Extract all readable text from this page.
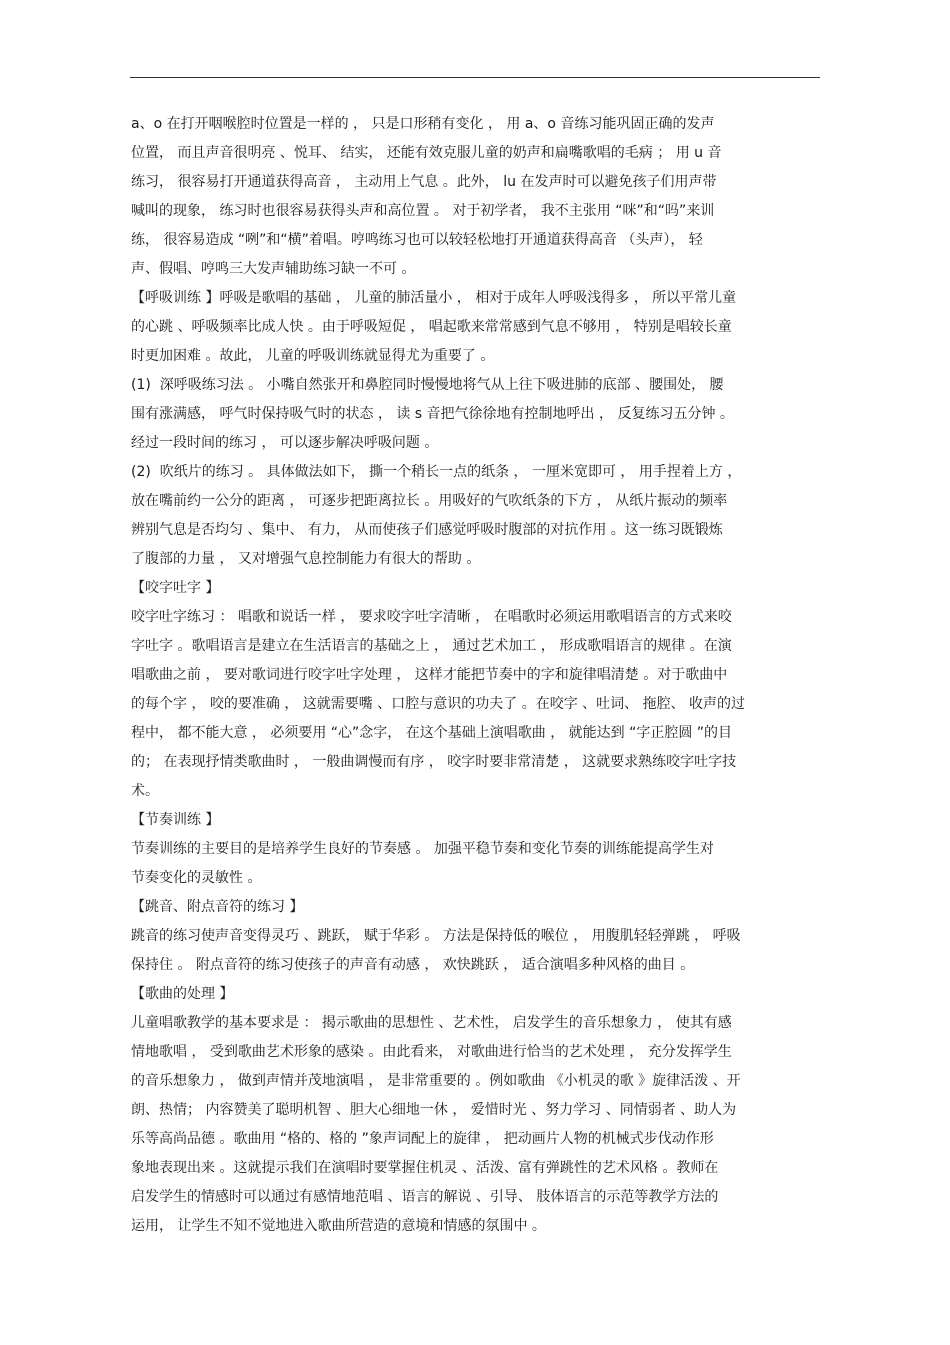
a、o 在打开咽喉腔时位置是一样的 ， 只是口形稍有变化 ， 用 a、o 音练习能巩固正确的发声
位置， 而且声音很明亮 、悦耳、 结实， 还能有效克服儿童的奶声和扁嘴歌唱的毛病 ； 用 u 音
练习， 很容易打开通道获得高音 ， 主动用上气息 。此外， lu 在发声时可以避免孩子们用声带
喊叫的现象， 练习时也很容易获得头声和高位置 。 对于初学者， 我不主张用 “咪”和“吗”来训
练， 很容易造成 “咧”和“横”着唱。哼鸣练习也可以较轻松地打开通道获得高音 （头声）， 轻
声、假唱、哼鸣三大发声辅助练习缺一不可 。
【呼吸训练 】呼吸是歌唱的基础 ， 儿童的肺活量小 ， 相对于成年人呼吸浅得多 ， 所以平常儿童
的心跳 、呼吸频率比成人快 。由于呼吸短促 ， 唱起歌来常常感到气息不够用 ， 特别是唱较长童
时更加困难 。故此， 儿童的呼吸训练就显得尤为重要了 。
(1)  深呼吸练习法 。 小嘴自然张开和鼻腔同时慢慢地将气从上往下吸进肺的底部 、腰围处， 腰
围有涨满感， 呼气时保持吸气时的状态 ， 读 s 音把气徐徐地有控制地呼出 ， 反复练习五分钟 。
经过一段时间的练习 ， 可以逐步解决呼吸问题 。
(2)  吹纸片的练习 。 具体做法如下， 撕一个稍长一点的纸条 ， 一厘米宽即可 ， 用手捏着上方 ，
放在嘴前约一公分的距离 ， 可逐步把距离拉长 。用吸好的气吹纸条的下方 ， 从纸片振动的频率
辨别气息是否均匀 、集中、 有力， 从而使孩子们感觉呼吸时腹部的对抗作用 。这一练习既锻炼
了腹部的力量 ， 又对增强气息控制能力有很大的帮助 。
【咬字吐字 】
咬字吐字练习 ： 唱歌和说话一样 ， 要求咬字吐字清晰 ， 在唱歌时必须运用歌唱语言的方式来咬
字吐字 。歌唱语言是建立在生活语言的基础之上 ， 通过艺术加工 ， 形成歌唱语言的规律 。在演
唱歌曲之前 ， 要对歌词进行咬字吐字处理 ， 这样才能把节奏中的字和旋律唱清楚 。对于歌曲中
的每个字 ， 咬的要准确 ， 这就需要嘴 、口腔与意识的功夫了 。在咬字 、吐词、 拖腔、 收声的过
程中， 都不能大意 ， 必须要用 “心”念字， 在这个基础上演唱歌曲 ， 就能达到 “字正腔圆 ”的目
的； 在表现抒情类歌曲时 ， 一般曲调慢而有序 ， 咬字时要非常清楚 ， 这就要求熟练咬字吐字技
术。
【节奏训练 】
节奏训练的主要目的是培养学生良好的节奏感 。 加强平稳节奏和变化节奏的训练能提高学生对
节奏变化的灵敏性 。
【跳音、附点音符的练习 】
跳音的练习使声音变得灵巧 、跳跃， 赋于华彩 。 方法是保持低的喉位 ， 用腹肌轻轻弹跳 ， 呼吸
保持住 。 附点音符的练习使孩子的声音有动感 ， 欢快跳跃 ， 适合演唱多种风格的曲目 。
【歌曲的处理 】
儿童唱歌教学的基本要求是 ： 揭示歌曲的思想性 、艺术性， 启发学生的音乐想象力 ， 使其有感
情地歌唱 ， 受到歌曲艺术形象的感染 。由此看来， 对歌曲进行恰当的艺术处理 ， 充分发挥学生
的音乐想象力 ， 做到声情并茂地演唱 ， 是非常重要的 。例如歌曲 《小机灵的歌 》旋律活泼 、开
朗、热情； 内容赞美了聪明机智 、胆大心细地一休 ， 爱惜时光 、努力学习 、同情弱者 、助人为
乐等高尚品德 。歌曲用 “格的、格的 ”象声词配上的旋律 ， 把动画片人物的机械式步伐动作形
象地表现出来 。这就提示我们在演唱时要掌握住机灵 、活泼、富有弹跳性的艺术风格 。教师在
启发学生的情感时可以通过有感情地范唱 、语言的解说 、引导、 肢体语言的示范等教学方法的
运用， 让学生不知不觉地进入歌曲所营造的意境和情感的氛围中 。
